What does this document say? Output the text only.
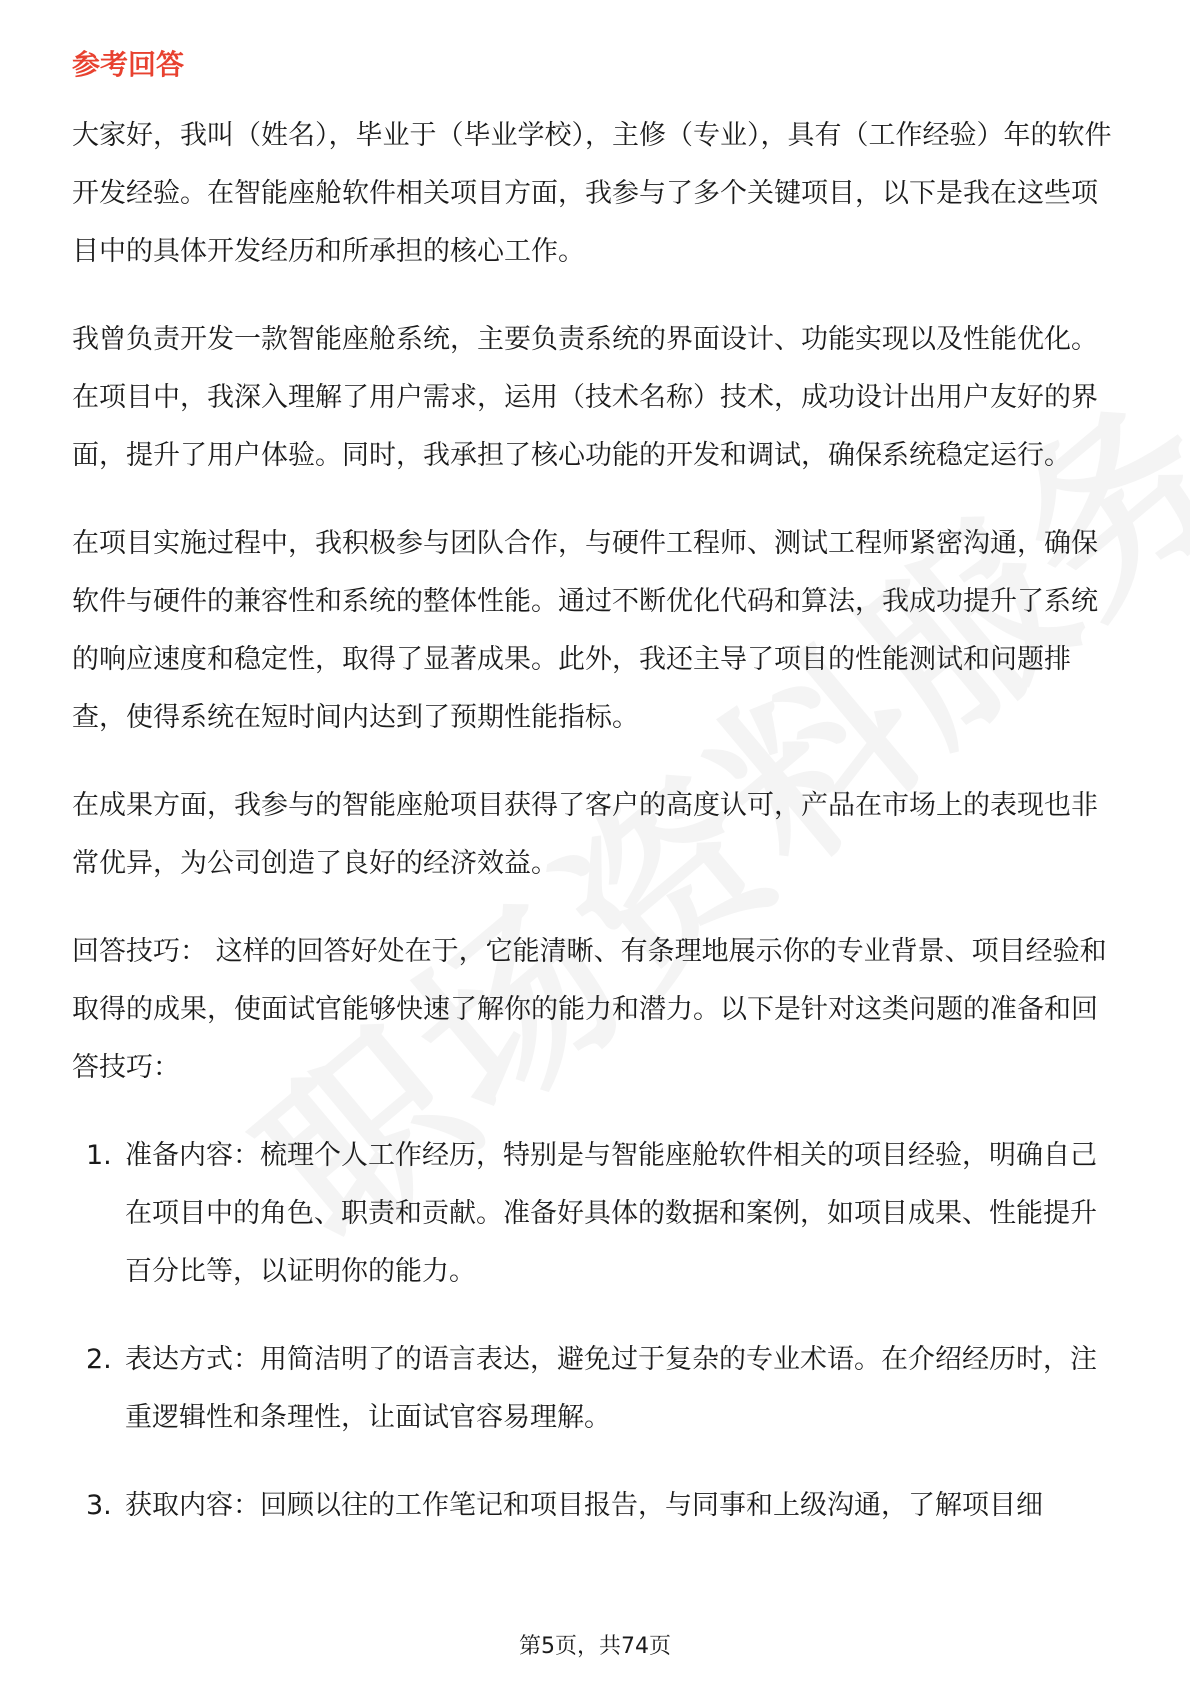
参考回答

大家好，我叫（姓名），毕业于（毕业学校），主修（专业），具有（工作经验）年的软件开发经验。在智能座舱软件相关项目方面，我参与了多个关键项目，以下是我在这些项目中的具体开发经历和所承担的核心工作。

我曾负责开发一款智能座舱系统，主要负责系统的界面设计、功能实现以及性能优化。在项目中，我深入理解了用户需求，运用（技术名称）技术，成功设计出用户友好的界面，提升了用户体验。同时，我承担了核心功能的开发和调试，确保系统稳定运行。

在项目实施过程中，我积极参与团队合作，与硬件工程师、测试工程师紧密沟通，确保软件与硬件的兼容性和系统的整体性能。通过不断优化代码和算法，我成功提升了系统的响应速度和稳定性，取得了显著成果。此外，我还主导了项目的性能测试和问题排查，使得系统在短时间内达到了预期性能指标。

在成果方面，我参与的智能座舱项目获得了客户的高度认可，产品在市场上的表现也非常优异，为公司创造了良好的经济效益。

回答技巧： 这样的回答好处在于，它能清晰、有条理地展示你的专业背景、项目经验和取得的成果，使面试官能够快速了解你的能力和潜力。以下是针对这类问题的准备和回答技巧：

1. 准备内容：梳理个人工作经历，特别是与智能座舱软件相关的项目经验，明确自己在项目中的角色、职责和贡献。准备好具体的数据和案例，如项目成果、性能提升百分比等，以证明你的能力。
2. 表达方式：用简洁明了的语言表达，避免过于复杂的专业术语。在介绍经历时，注重逻辑性和条理性，让面试官容易理解。
3. 获取内容：回顾以往的工作笔记和项目报告，与同事和上级沟通，了解项目细
第5页，共74页
